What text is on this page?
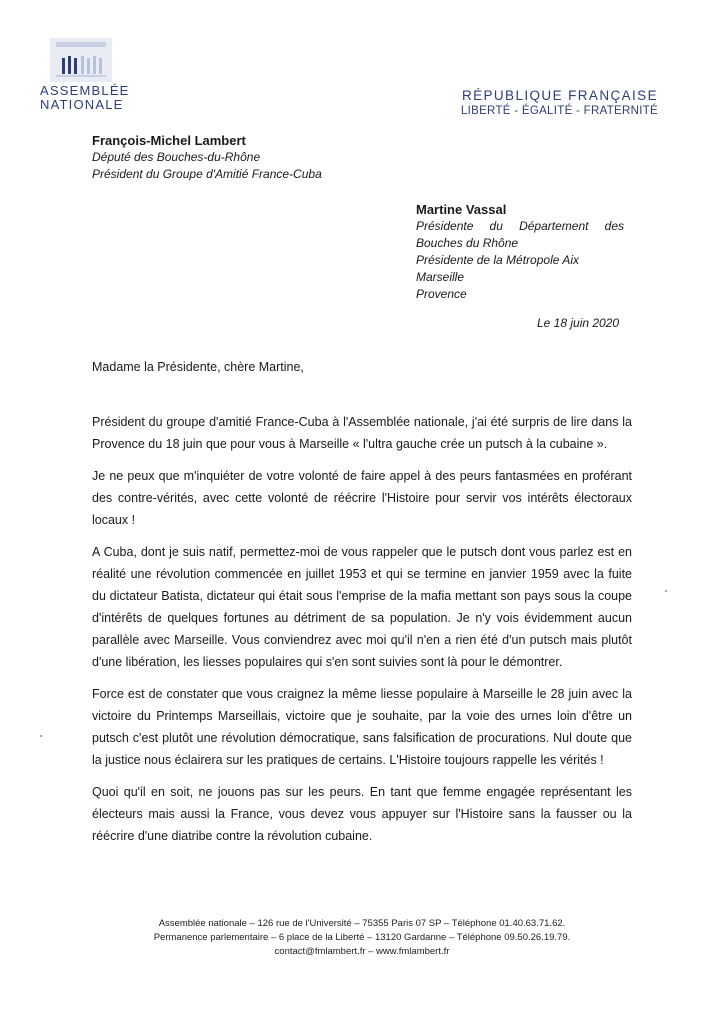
ASSEMBLÉE
NATIONALE
RÉPUBLIQUE FRANÇAISE
LIBERTÉ - ÉGALITÉ - FRATERNITÉ
François-Michel Lambert
Député des Bouches-du-Rhône
Président du Groupe d'Amitié France-Cuba
Martine Vassal
Présidente du Département des
Bouches du Rhône
Présidente de la Métropole Aix Marseille
Provence
Le 18 juin 2020
Madame la Présidente, chère Martine,

Président du groupe d'amitié France-Cuba à l'Assemblée nationale, j'ai été surpris de lire dans la Provence du 18 juin que pour vous à Marseille « l'ultra gauche crée un putsch à la cubaine ».

Je ne peux que m'inquiéter de votre volonté de faire appel à des peurs fantasmées en proférant des contre-vérités, avec cette volonté de réécrire l'Histoire pour servir vos intérêts électoraux locaux !

A Cuba, dont je suis natif, permettez-moi de vous rappeler que le putsch dont vous parlez est en réalité une révolution commencée en juillet 1953 et qui se termine en janvier 1959 avec la fuite du dictateur Batista, dictateur qui était sous l'emprise de la mafia mettant son pays sous la coupe d'intérêts de quelques fortunes au détriment de sa population. Je n'y vois évidemment aucun parallèle avec Marseille. Vous conviendrez avec moi qu'il n'en a rien été d'un putsch mais plutôt d'une libération, les liesses populaires qui s'en sont suivies sont là pour le démontrer.

Force est de constater que vous craignez la même liesse populaire à Marseille le 28 juin avec la victoire du Printemps Marseillais, victoire que je souhaite, par la voie des urnes loin d'être un putsch c'est plutôt une révolution démocratique, sans falsification de procurations. Nul doute que la justice nous éclairera sur les pratiques de certains. L'Histoire toujours rappelle les vérités !

Quoi qu'il en soit, ne jouons pas sur les peurs. En tant que femme engagée représentant les électeurs mais aussi la France, vous devez vous appuyer sur l'Histoire sans la fausser ou la réécrire d'une diatribe contre la révolution cubaine.

Assemblée nationale – 126 rue de l'Université – 75355 Paris 07 SP – Téléphone 01.40.63.71.62.
Permanence parlementaire – 6 place de la Liberté – 13120 Gardanne – Téléphone 09.50.26.19.79.
contact@fmlambert.fr – www.fmlambert.fr
